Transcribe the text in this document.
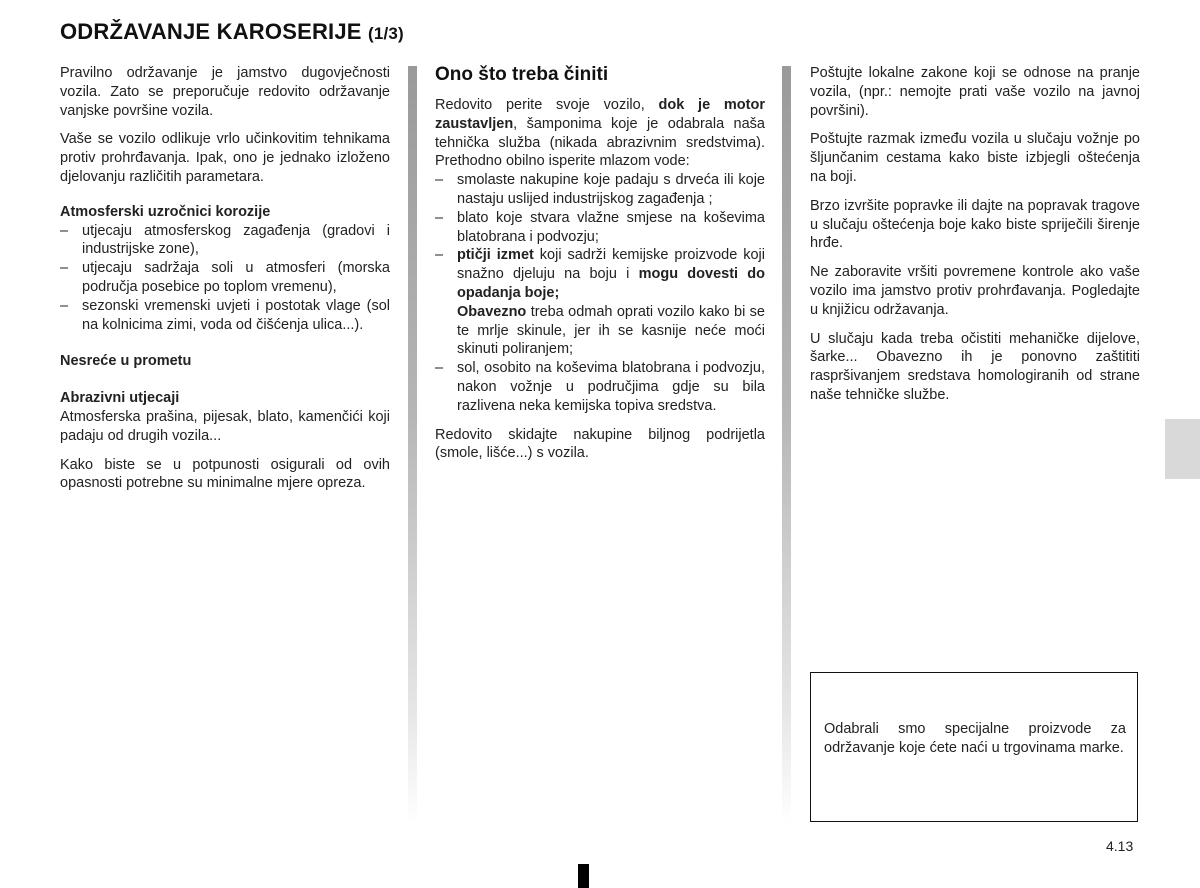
ODRŽAVANJE KAROSERIJE (1/3)

Pravilno održavanje je jamstvo dugovječnosti vozila. Zato se preporučuje redovito održavanje vanjske površine vozila.

Vaše se vozilo odlikuje vrlo učinkovitim tehnikama protiv prohrđavanja. Ipak, ono je jednako izloženo djelovanju različitih parametara.

Atmosferski uzročnici korozije

– utjecaju atmosferskog zagađenja (gradovi i industrijske zone),
– utjecaju sadržaja soli u atmosferi (morska područja posebice po toplom vremenu),
– sezonski vremenski uvjeti i postotak vlage (sol na kolnicima zimi, voda od čišćenja ulica...).

Nesreće u prometu

Abrazivni utjecaji

Atmosferska prašina, pijesak, blato, kamenčići koji padaju od drugih vozila...

Kako biste se u potpunosti osigurali od ovih opasnosti potrebne su minimalne mjere opreza.

Ono što treba činiti

Redovito perite svoje vozilo, dok je motor zaustavljen, šamponima koje je odabrala naša tehnička služba (nikada abrazivnim sredstvima). Prethodno obilno isperite mlazom vode:

– smolaste nakupine koje padaju s drveća ili koje nastaju uslijed industrijskog zagađenja ;
– blato koje stvara vlažne smjese na koševima blatobrana i podvozju;
– ptičji izmet koji sadrži kemijske proizvode koji snažno djeluju na boju i mogu dovesti do opadanja boje;
Obavezno treba odmah oprati vozilo kako bi se te mrlje skinule, jer ih se kasnije neće moći skinuti poliranjem;
– sol, osobito na koševima blatobrana i podvozju, nakon vožnje u područjima gdje su bila razlivena neka kemijska topiva sredstva.

Redovito skidajte nakupine biljnog podrijetla (smole, lišće...) s vozila.

Poštujte lokalne zakone koji se odnose na pranje vozila, (npr.: nemojte prati vaše vozilo na javnoj površini).

Poštujte razmak između vozila u slučaju vožnje po šljunčanim cestama kako biste izbjegli oštećenja na boji.

Brzo izvršite popravke ili dajte na popravak tragove u slučaju oštećenja boje kako biste spriječili širenje hrđe.

Ne zaboravite vršiti povremene kontrole ako vaše vozilo ima jamstvo protiv prohrđavanja. Pogledajte u knjižicu održavanja.

U slučaju kada treba očistiti mehaničke dijelove, šarke... Obavezno ih je ponovno zaštititi raspršivanjem sredstava homologiranih od strane naše tehničke službe.

Odabrali smo specijalne proizvode za održavanje koje ćete naći u trgovinama marke.
4.13
